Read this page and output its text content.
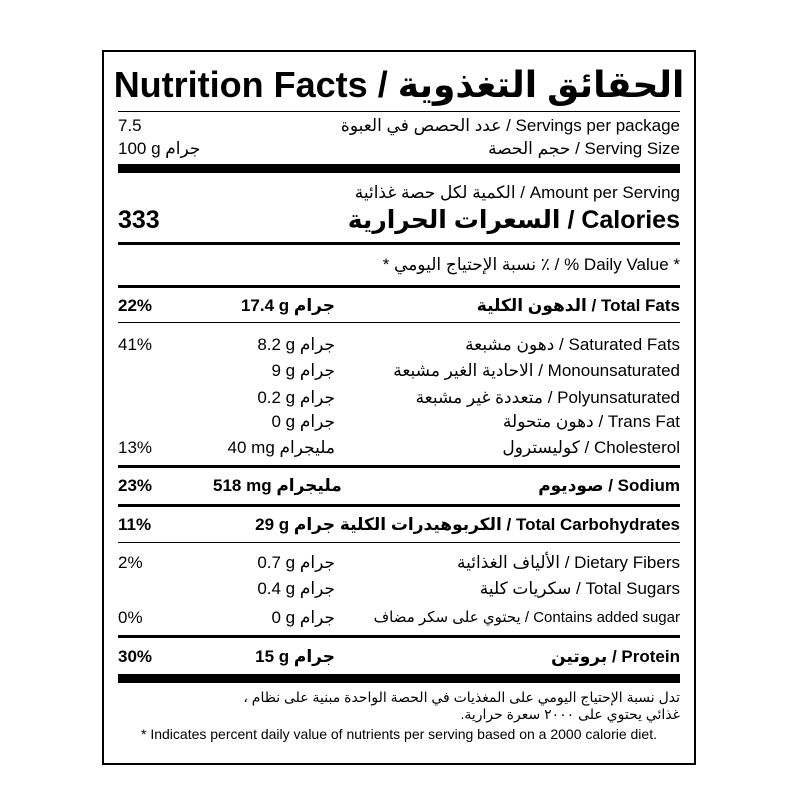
Nutrition Facts / الحقائق التغذوية
7.5	عدد الحصص في العبوة / Servings per package
100 g جرام	حجم الحصة / Serving Size
الكمية لكل حصة غذائية / Amount per Serving
333	السعرات الحرارية / Calories
* نسبة الإحتياج اليومي ٪ / % Daily Value *
22%	17.4 g جرام	الدهون الكلية / Total Fats
41%	8.2 g جرام	دهون مشبعة / Saturated Fats
9 g جرام	الاحادية الغير مشبعة / Monounsaturated
0.2 g جرام	متعددة غير مشبعة / Polyunsaturated
0 g جرام	دهون متحولة / Trans Fat
13%	40 mg مليجرام	كوليسترول / Cholesterol
23%	518 mg مليجرام	صوديوم / Sodium
11%	29 g جرام الكربوهيدرات الكلية / Total Carbohydrates
2%	0.7 g جرام	الألياف الغذائية / Dietary Fibers
0.4 g جرام	سكريات كلية / Total Sugars
0%	0 g جرام	يحتوي على سكر مضاف / Contains added sugar
30%	15 g جرام	بروتين / Protein
تدل نسبة الإحتياج اليومي على المغذيات في الحصة الواحدة مبنية على نظام ،
غذائي يحتوي على ٢٠٠٠ سعرة حرارية.
* Indicates percent daily value of nutrients per serving based on a 2000 calorie diet.
